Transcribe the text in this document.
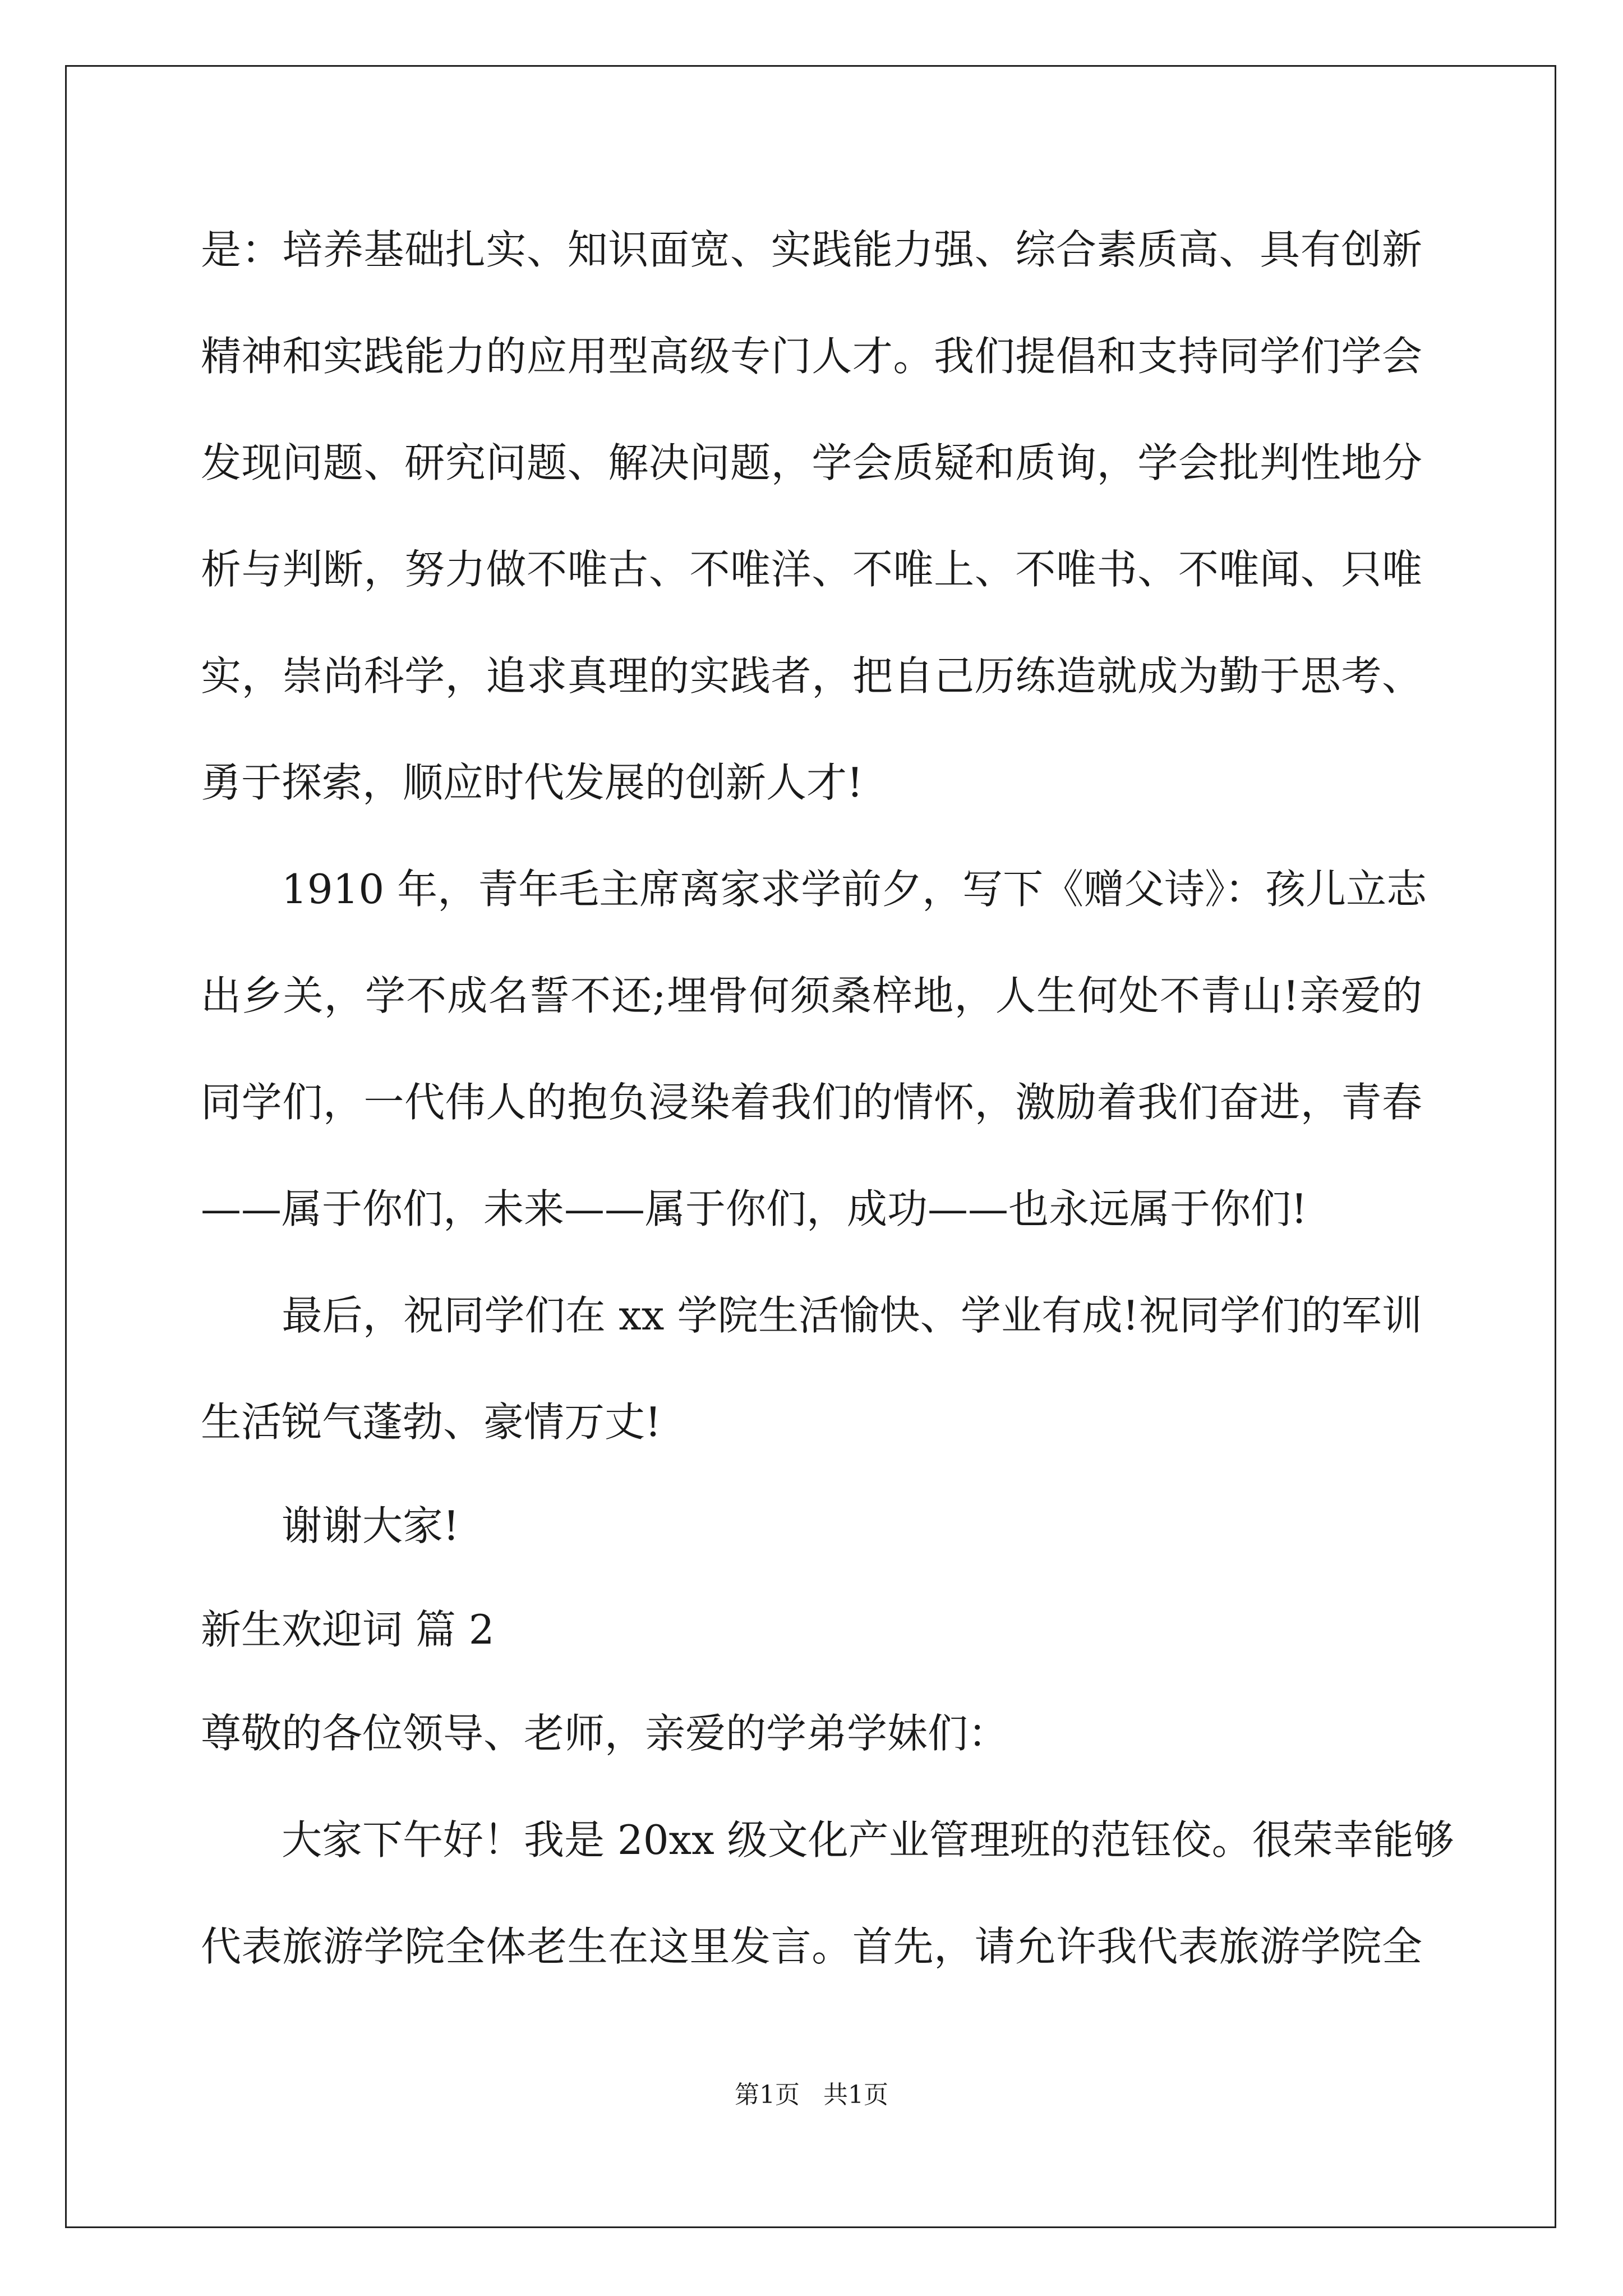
是：培养基础扎实、知识面宽、实践能力强、综合素质高、具有创新
精神和实践能力的应用型高级专门人才。我们提倡和支持同学们学会
发现问题、研究问题、解决问题，学会质疑和质询，学会批判性地分
析与判断，努力做不唯古、不唯洋、不唯上、不唯书、不唯闻、只唯
实，崇尚科学，追求真理的实践者，把自己历练造就成为勤于思考、
勇于探索，顺应时代发展的创新人才!
　　1910 年，青年毛主席离家求学前夕，写下《赠父诗》：孩儿立志
出乡关，学不成名誓不还;埋骨何须桑梓地，人生何处不青山!亲爱的
同学们，一代伟人的抱负浸染着我们的情怀，激励着我们奋进，青春
——属于你们，未来——属于你们，成功——也永远属于你们!
　　最后，祝同学们在 xx 学院生活愉快、学业有成!祝同学们的军训
生活锐气蓬勃、豪情万丈!
　　谢谢大家!
新生欢迎词 篇 2
尊敬的各位领导、老师，亲爱的学弟学妹们：
　　大家下午好！我是 20xx 级文化产业管理班的范钰佼。很荣幸能够
代表旅游学院全体老生在这里发言。首先，请允许我代表旅游学院全
第1页   共1页
